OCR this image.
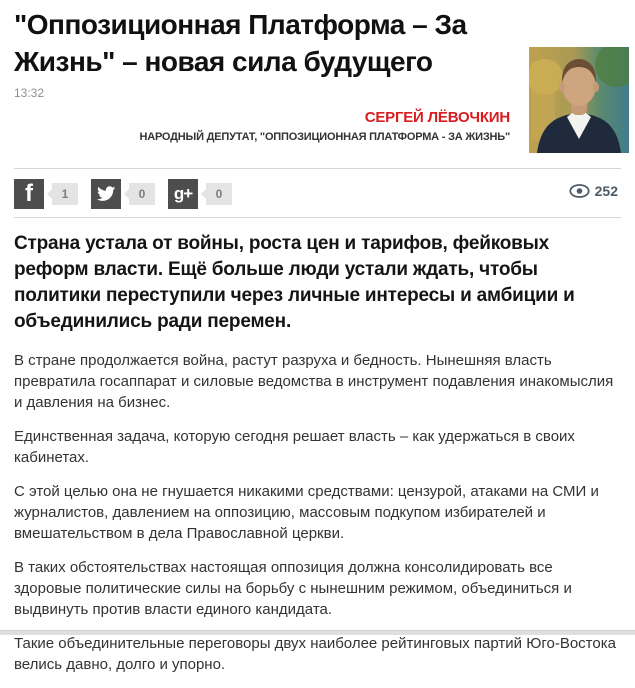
"Оппозиционная Платформа – За Жизнь" – новая сила будущего
13:32
СЕРГЕЙ ЛЁВОЧКИН
НАРОДНЫЙ ДЕПУТАТ, "ОППОЗИЦИОННАЯ ПЛАТФОРМА - ЗА ЖИЗНЬ"
f	1	0	g+	0	252

Страна устала от войны, роста цен и тарифов, фейковых реформ власти. Ещё больше люди устали ждать, чтобы политики переступили через личные интересы и амбиции и объединились ради перемен.

В стране продолжается война, растут разруха и бедность. Нынешняя власть превратила госаппарат и силовые ведомства в инструмент подавления инакомыслия и давления на бизнес.

Единственная задача, которую сегодня решает власть – как удержаться в своих кабинетах.

С этой целью она не гнушается никакими средствами: цензурой, атаками на СМИ и журналистов, давлением на оппозицию, массовым подкупом избирателей и вмешательством в дела Православной церкви.

В таких обстоятельствах настоящая оппозиция должна консолидировать все здоровые политические силы на борьбу с нынешним режимом, объединиться и выдвинуть против власти единого кандидата.

Такие объединительные переговоры двух наиболее рейтинговых партий Юго-Востока велись давно, долго и упорно.
